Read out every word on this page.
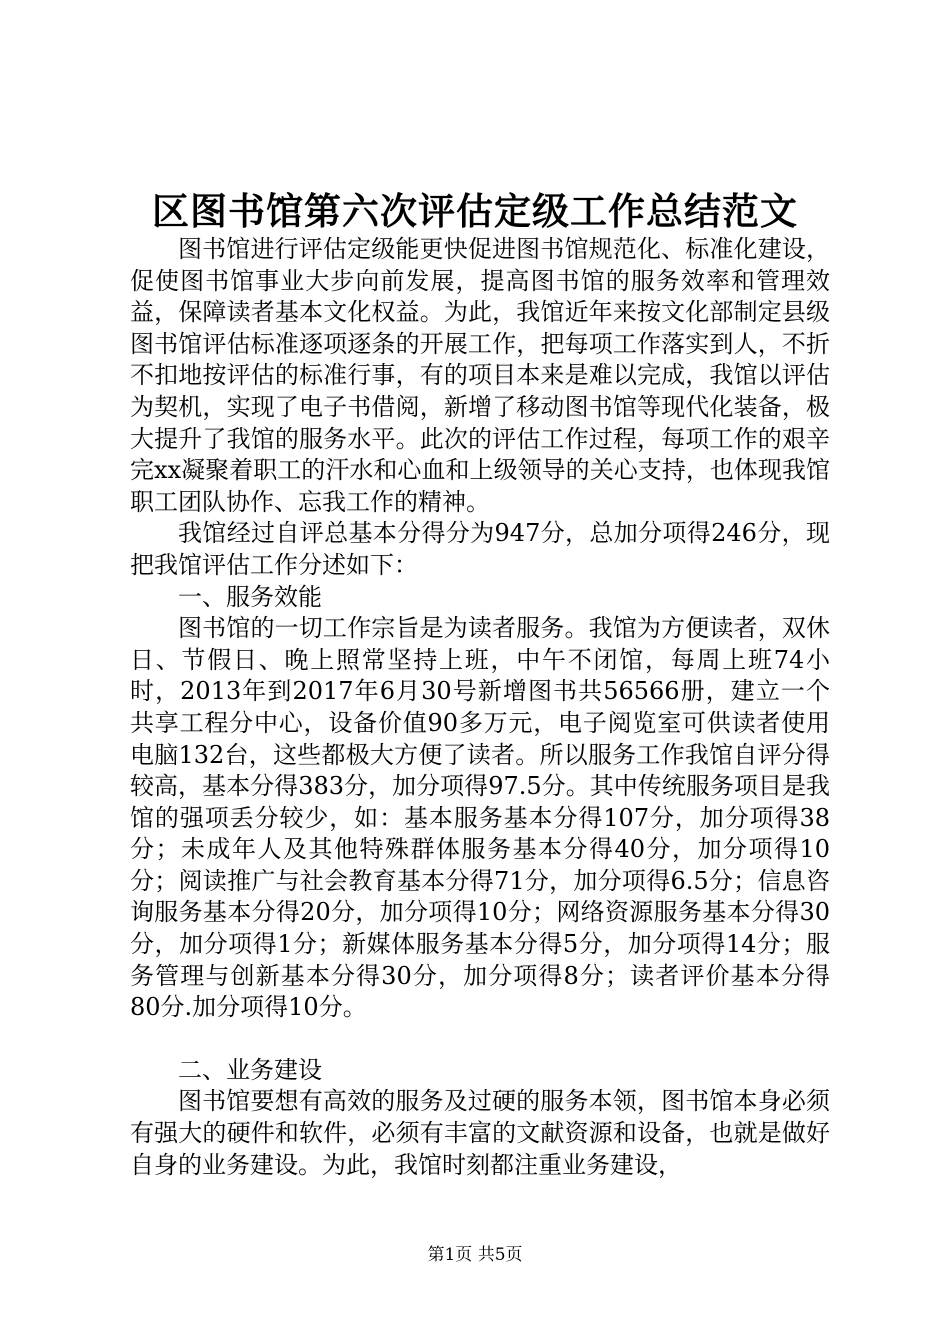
区图书馆第六次评估定级工作总结范文

图书馆进行评估定级能更快促进图书馆规范化、标准化建设，促使图书馆事业大步向前发展，提高图书馆的服务效率和管理效益，保障读者基本文化权益。为此，我馆近年来按文化部制定县级图书馆评估标准逐项逐条的开展工作，把每项工作落实到人，不折不扣地按评估的标准行事，有的项目本来是难以完成，我馆以评估为契机，实现了电子书借阅，新增了移动图书馆等现代化装备，极大提升了我馆的服务水平。此次的评估工作过程，每项工作的艰辛完xx凝聚着职工的汗水和心血和上级领导的关心支持，也体现我馆职工团队协作、忘我工作的精神。

我馆经过自评总基本分得分为947分，总加分项得246分，现把我馆评估工作分述如下：

一、服务效能

图书馆的一切工作宗旨是为读者服务。我馆为方便读者，双休日、节假日、晚上照常坚持上班，中午不闭馆，每周上班74小时，2013年到2017年6月30号新增图书共56566册，建立一个共享工程分中心，设备价值90多万元，电子阅览室可供读者使用电脑132台，这些都极大方便了读者。所以服务工作我馆自评分得较高，基本分得383分，加分项得97.5分。其中传统服务项目是我馆的强项丢分较少，如：基本服务基本分得107分，加分项得38分；未成年人及其他特殊群体服务基本分得40分，加分项得10分；阅读推广与社会教育基本分得71分，加分项得6.5分；信息咨询服务基本分得20分，加分项得10分；网络资源服务基本分得30分，加分项得1分；新媒体服务基本分得5分，加分项得14分；服务管理与创新基本分得30分，加分项得8分；读者评价基本分得80分.加分项得10分。

二、业务建设

图书馆要想有高效的服务及过硬的服务本领，图书馆本身必须有强大的硬件和软件，必须有丰富的文献资源和设备，也就是做好自身的业务建设。为此，我馆时刻都注重业务建设，

第1页 共5页
